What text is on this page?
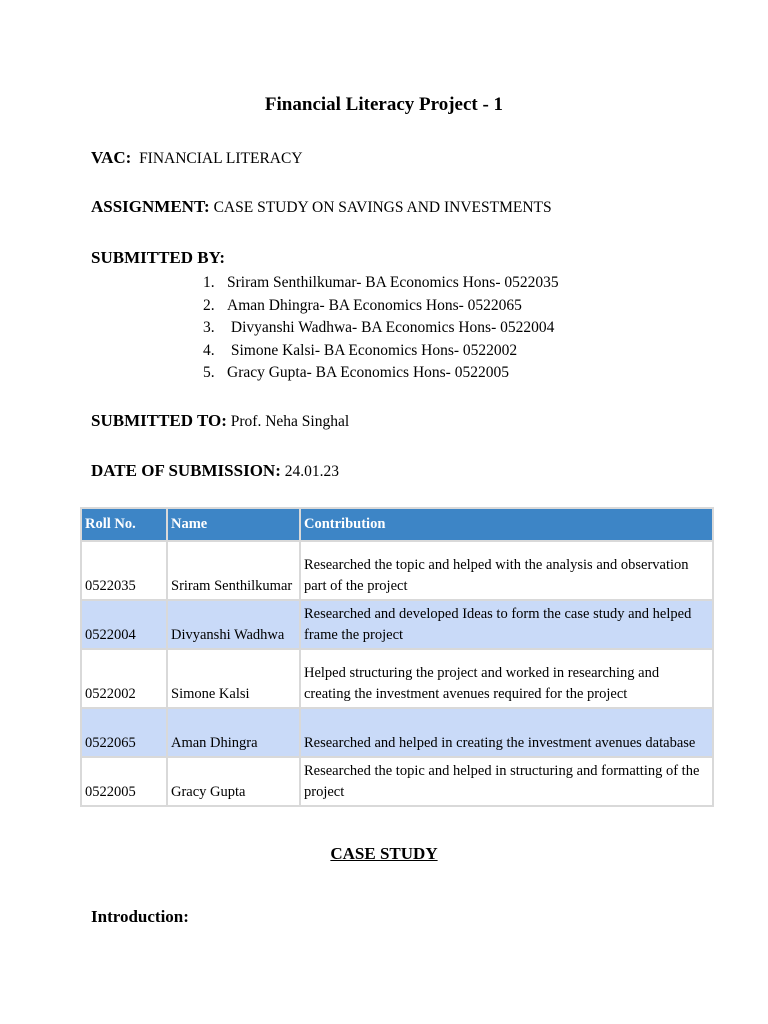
Financial Literacy Project - 1
VAC: FINANCIAL LITERACY
ASSIGNMENT: CASE STUDY ON SAVINGS AND INVESTMENTS
SUBMITTED BY:
1. Sriram Senthilkumar- BA Economics Hons- 0522035
2. Aman Dhingra- BA Economics Hons- 0522065
3. Divyanshi Wadhwa- BA Economics Hons- 0522004
4. Simone Kalsi- BA Economics Hons- 0522002
5. Gracy Gupta- BA Economics Hons- 0522005
SUBMITTED TO: Prof. Neha Singhal
DATE OF SUBMISSION: 24.01.23
Roll No.	Name	Contribution
0522035	Sriram Senthilkumar	Researched the topic and helped with the analysis and observation part of the project
0522004	Divyanshi Wadhwa	Researched and developed Ideas to form the case study and helped frame the project
0522002	Simone Kalsi	Helped structuring the project and worked in researching and creating the investment avenues required for the project
0522065	Aman Dhingra	Researched and helped in creating the investment avenues database
0522005	Gracy Gupta	Researched the topic and helped in structuring and formatting of the project
CASE STUDY
Introduction:
